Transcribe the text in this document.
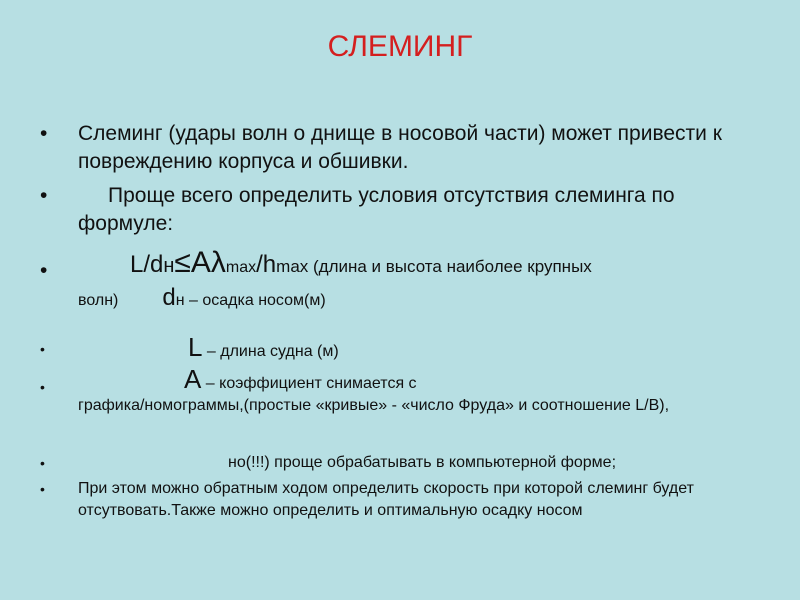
СЛЕМИНГ
•	Слеминг (удары волн о днище в носовой части) может привести к повреждению корпуса и обшивки.
•	Проще всего определить условия отсутствия слеминга по формуле:
•	L/dн≤Aλmax/hmax (длина и высота наиболее крупных
волн) dн – осадка носом(м)
•	L – длина судна (м)
•	A – коэффициент снимается с
графика/номограммы,(простые «кривые» - «число Фруда» и соотношение L/B),
•	но(!!!) проще обрабатывать в компьютерной форме;
•	При этом можно обратным ходом определить скорость при которой слеминг будет отсутвовать.Также можно определить и оптимальную осадку носом
